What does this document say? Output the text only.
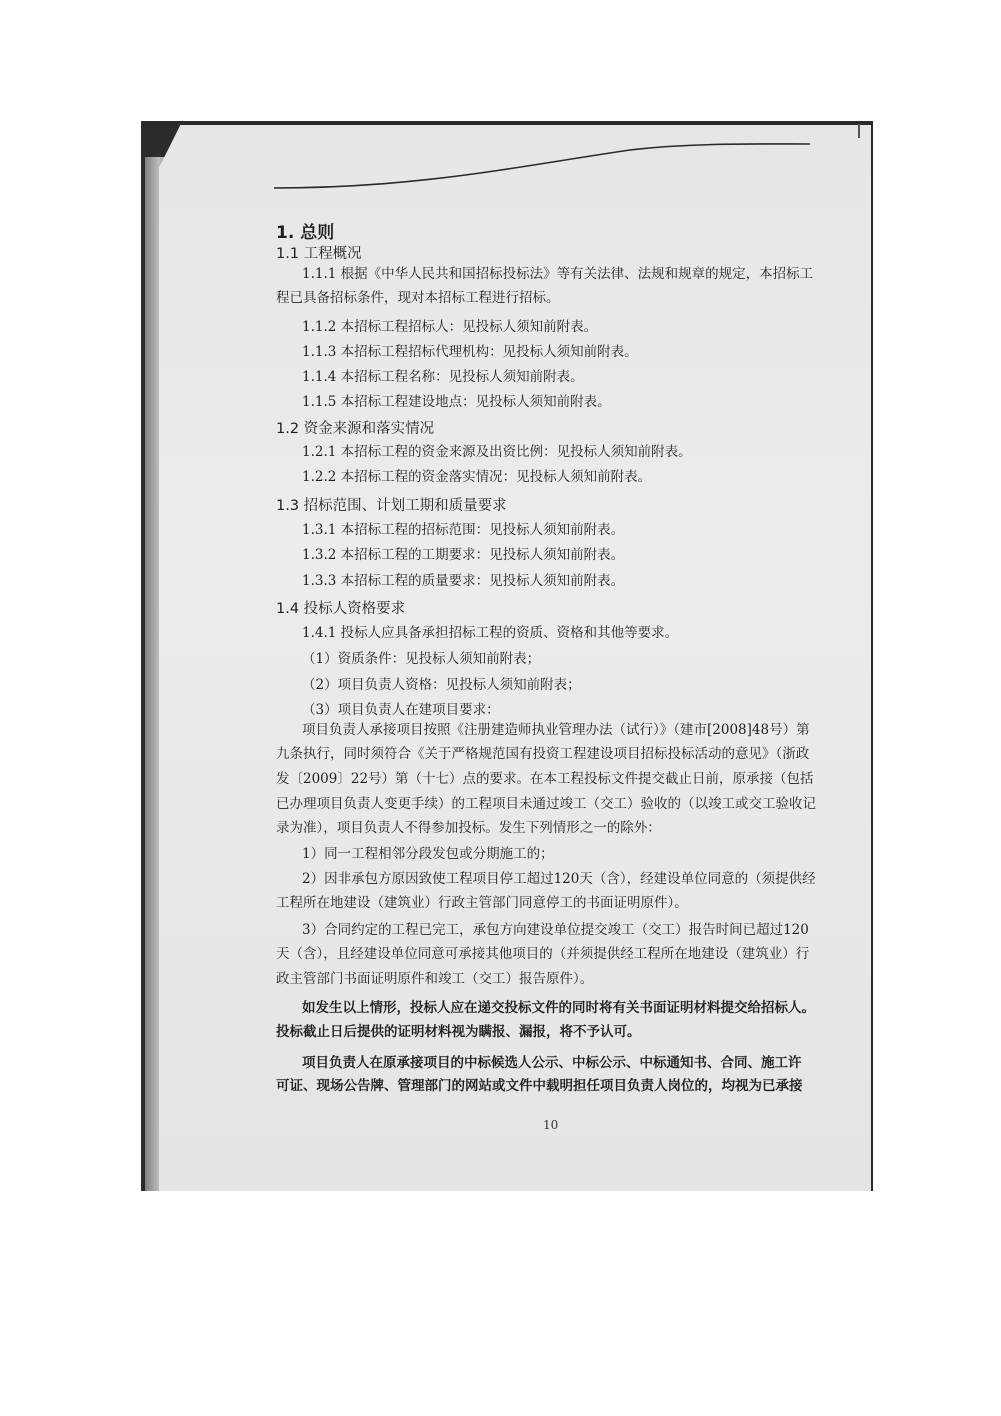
1. 总则
1.1 工程概况
1.1.1 根据《中华人民共和国招标投标法》等有关法律、法规和规章的规定，本招标工
程已具备招标条件，现对本招标工程进行招标。
1.1.2 本招标工程招标人：见投标人须知前附表。
1.1.3 本招标工程招标代理机构：见投标人须知前附表。
1.1.4 本招标工程名称：见投标人须知前附表。
1.1.5 本招标工程建设地点：见投标人须知前附表。
1.2 资金来源和落实情况
1.2.1 本招标工程的资金来源及出资比例：见投标人须知前附表。
1.2.2 本招标工程的资金落实情况：见投标人须知前附表。
1.3 招标范围、计划工期和质量要求
1.3.1 本招标工程的招标范围：见投标人须知前附表。
1.3.2 本招标工程的工期要求：见投标人须知前附表。
1.3.3 本招标工程的质量要求：见投标人须知前附表。
1.4 投标人资格要求
1.4.1 投标人应具备承担招标工程的资质、资格和其他等要求。
（1）资质条件：见投标人须知前附表；
（2）项目负责人资格：见投标人须知前附表；
（3）项目负责人在建项目要求：
项目负责人承接项目按照《注册建造师执业管理办法（试行）》（建市[2008]48号）第
九条执行，同时须符合《关于严格规范国有投资工程建设项目招标投标活动的意见》（浙政
发〔2009〕22号）第（十七）点的要求。在本工程投标文件提交截止日前，原承接（包括
已办理项目负责人变更手续）的工程项目未通过竣工（交工）验收的（以竣工或交工验收记
录为准），项目负责人不得参加投标。发生下列情形之一的除外：
1）同一工程相邻分段发包或分期施工的；
2）因非承包方原因致使工程项目停工超过120天（含），经建设单位同意的（须提供经
工程所在地建设（建筑业）行政主管部门同意停工的书面证明原件）。
3）合同约定的工程已完工，承包方向建设单位提交竣工（交工）报告时间已超过120
天（含），且经建设单位同意可承接其他项目的（并须提供经工程所在地建设（建筑业）行
政主管部门书面证明原件和竣工（交工）报告原件）。
如发生以上情形，投标人应在递交投标文件的同时将有关书面证明材料提交给招标人。
投标截止日后提供的证明材料视为瞒报、漏报，将不予认可。
项目负责人在原承接项目的中标候选人公示、中标公示、中标通知书、合同、施工许
可证、现场公告牌、管理部门的网站或文件中载明担任项目负责人岗位的，均视为已承接
10
